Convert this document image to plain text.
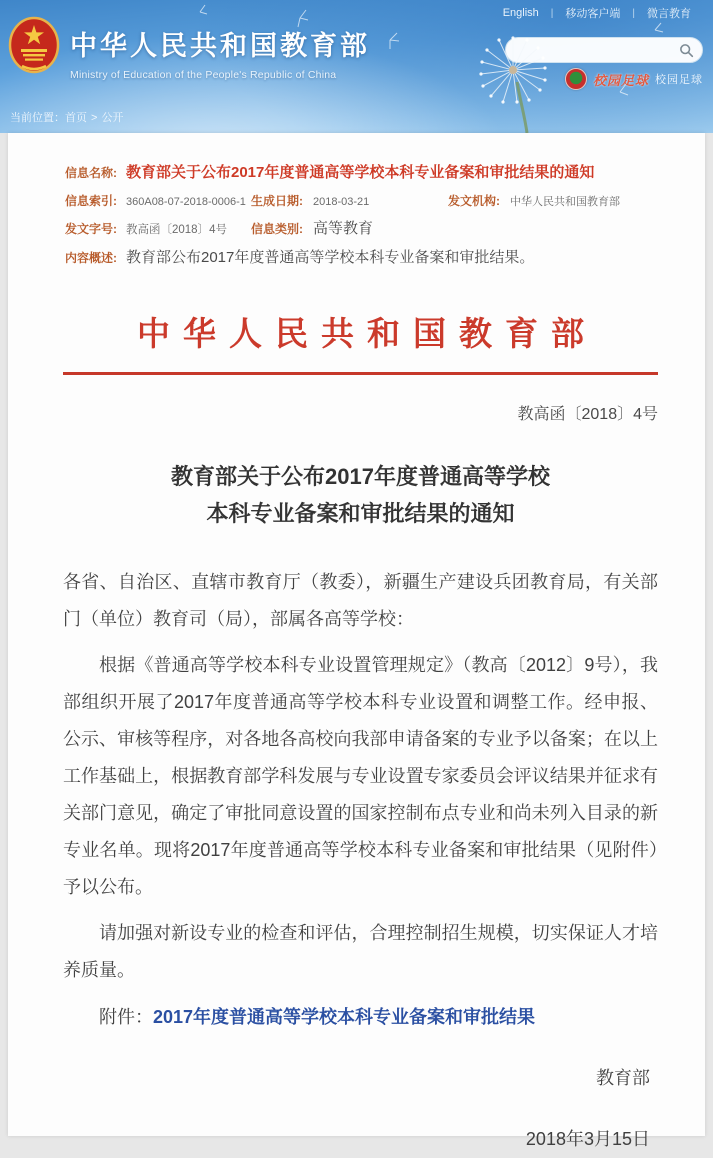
English	|	移动客户端	|	微言教育
中华人民共和国教育部
Ministry of Education of the People's Republic of China
　	校园足球 校园足球
当前位置：首页 > 公开
信息名称: 教育部关于公布2017年度普通高等学校本科专业备案和审批结果的通知
信息索引: 360A08-07-2018-0006-1 生成日期: 2018-03-21	发文机构: 中华人民共和国教育部
发文字号: 教高函〔2018〕4号	信息类别: 高等教育
内容概述: 教育部公布2017年度普通高等学校本科专业备案和审批结果。
中华人民共和国教育部
教高函〔2018〕4号
教育部关于公布2017年度普通高等学校
本科专业备案和审批结果的通知

各省、自治区、直辖市教育厅（教委），新疆生产建设兵团教育局，有关部门（单位）教育司（局），部属各高等学校：

根据《普通高等学校本科专业设置管理规定》（教高〔2012〕9号），我部组织开展了2017年度普通高等学校本科专业设置和调整工作。经申报、公示、审核等程序，对各地各高校向我部申请备案的专业予以备案；在以上工作基础上，根据教育部学科发展与专业设置专家委员会评议结果并征求有关部门意见，确定了审批同意设置的国家控制布点专业和尚未列入目录的新专业名单。现将2017年度普通高等学校本科专业备案和审批结果（见附件）予以公布。

请加强对新设专业的检查和评估，合理控制招生规模，切实保证人才培养质量。

附件：2017年度普通高等学校本科专业备案和审批结果
教育部
2018年3月15日
